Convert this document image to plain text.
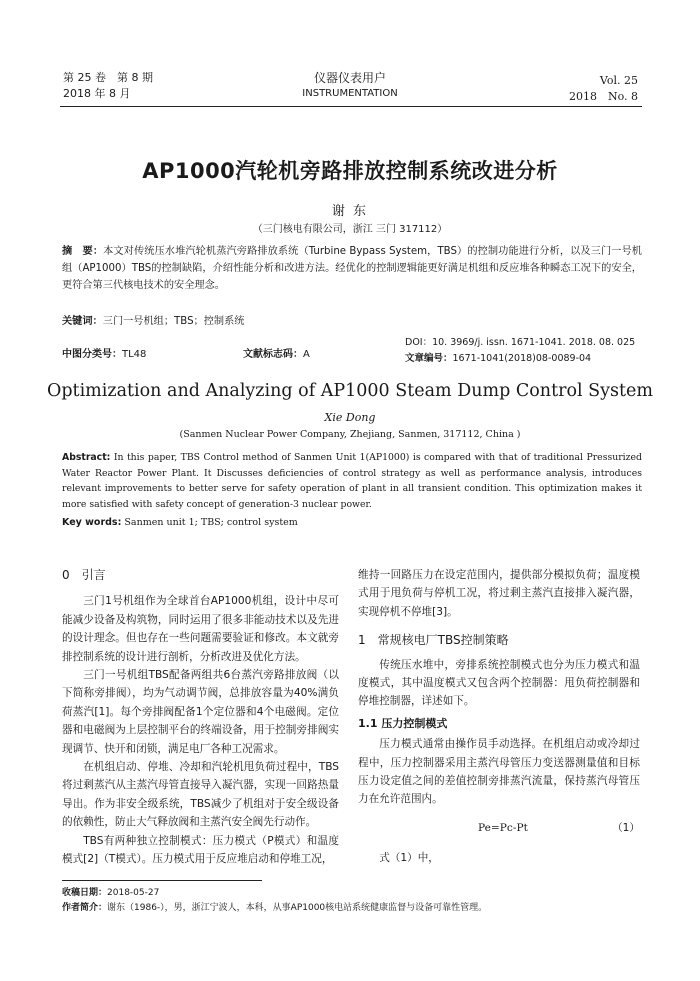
第 25 卷　第 8 期
2018 年 8 月
仪器仪表用户
INSTRUMENTATION
Vol. 25
2018　No. 8
AP1000汽轮机旁路排放控制系统改进分析
谢 东
（三门核电有限公司，浙江 三门 317112）
摘　要：本文对传统压水堆汽轮机蒸汽旁路排放系统（Turbine Bypass System，TBS）的控制功能进行分析，以及三门一号机组（AP1000）TBS的控制缺陷，介绍性能分析和改进方法。经优化的控制逻辑能更好满足机组和反应堆各种瞬态工况下的安全，更符合第三代核电技术的安全理念。
关键词：三门一号机组；TBS；控制系统
中图分类号：TL48	文献标志码：A
DOI：10. 3969/j. issn. 1671-1041. 2018. 08. 025
文章编号：1671-1041(2018)08-0089-04
Optimization and Analyzing of AP1000 Steam Dump Control System
Xie Dong
(Sanmen Nuclear Power Company, Zhejiang, Sanmen, 317112, China )
Abstract: In this paper, TBS Control method of Sanmen Unit 1(AP1000) is compared with that of traditional Pressurized Water Reactor Power Plant. It Discusses deficiencies of control strategy as well as performance analysis, introduces relevant improvements to better serve for safety operation of plant in all transient condition. This optimization makes it more satisfied with safety concept of generation-3 nuclear power.
Key words: Sanmen unit 1; TBS; control system
0　引言
三门1号机组作为全球首台AP1000机组，设计中尽可能减少设备及构筑物，同时运用了很多非能动技术以及先进的设计理念。但也存在一些问题需要验证和修改。本文就旁排控制系统的设计进行剖析，分析改进及优化方法。
三门一号机组TBS配备两组共6台蒸汽旁路排放阀（以下简称旁排阀），均为气动调节阀，总排放容量为40%满负荷蒸汽[1]。每个旁排阀配备1个定位器和4个电磁阀。定位器和电磁阀为上层控制平台的终端设备，用于控制旁排阀实现调节、快开和闭锁，满足电厂各种工况需求。
在机组启动、停堆、冷却和汽轮机甩负荷过程中，TBS将过剩蒸汽从主蒸汽母管直接导入凝汽器，实现一回路热量导出。作为非安全级系统，TBS减少了机组对于安全级设备的依赖性，防止大气释放阀和主蒸汽安全阀先行动作。
TBS有两种独立控制模式：压力模式（P模式）和温度模式[2]（T模式）。压力模式用于反应堆启动和停堆工况，
维持一回路压力在设定范围内，提供部分模拟负荷；温度模式用于甩负荷与停机工况，将过剩主蒸汽直接排入凝汽器，实现停机不停堆[3]。
1　常规核电厂TBS控制策略
传统压水堆中，旁排系统控制模式也分为压力模式和温度模式，其中温度模式又包含两个控制器：甩负荷控制器和停堆控制器，详述如下。
1.1 压力控制模式
压力模式通常由操作员手动选择。在机组启动或冷却过程中，压力控制器采用主蒸汽母管压力变送器测量值和目标压力设定值之间的差值控制旁排蒸汽流量，保持蒸汽母管压力在允许范围内。
Pe=Pc-Pt	（1）
式（1）中，
收稿日期：2018-05-27
作者简介：谢东（1986-），男，浙江宁波人，本科，从事AP1000核电站系统健康监督与设备可靠性管理。
